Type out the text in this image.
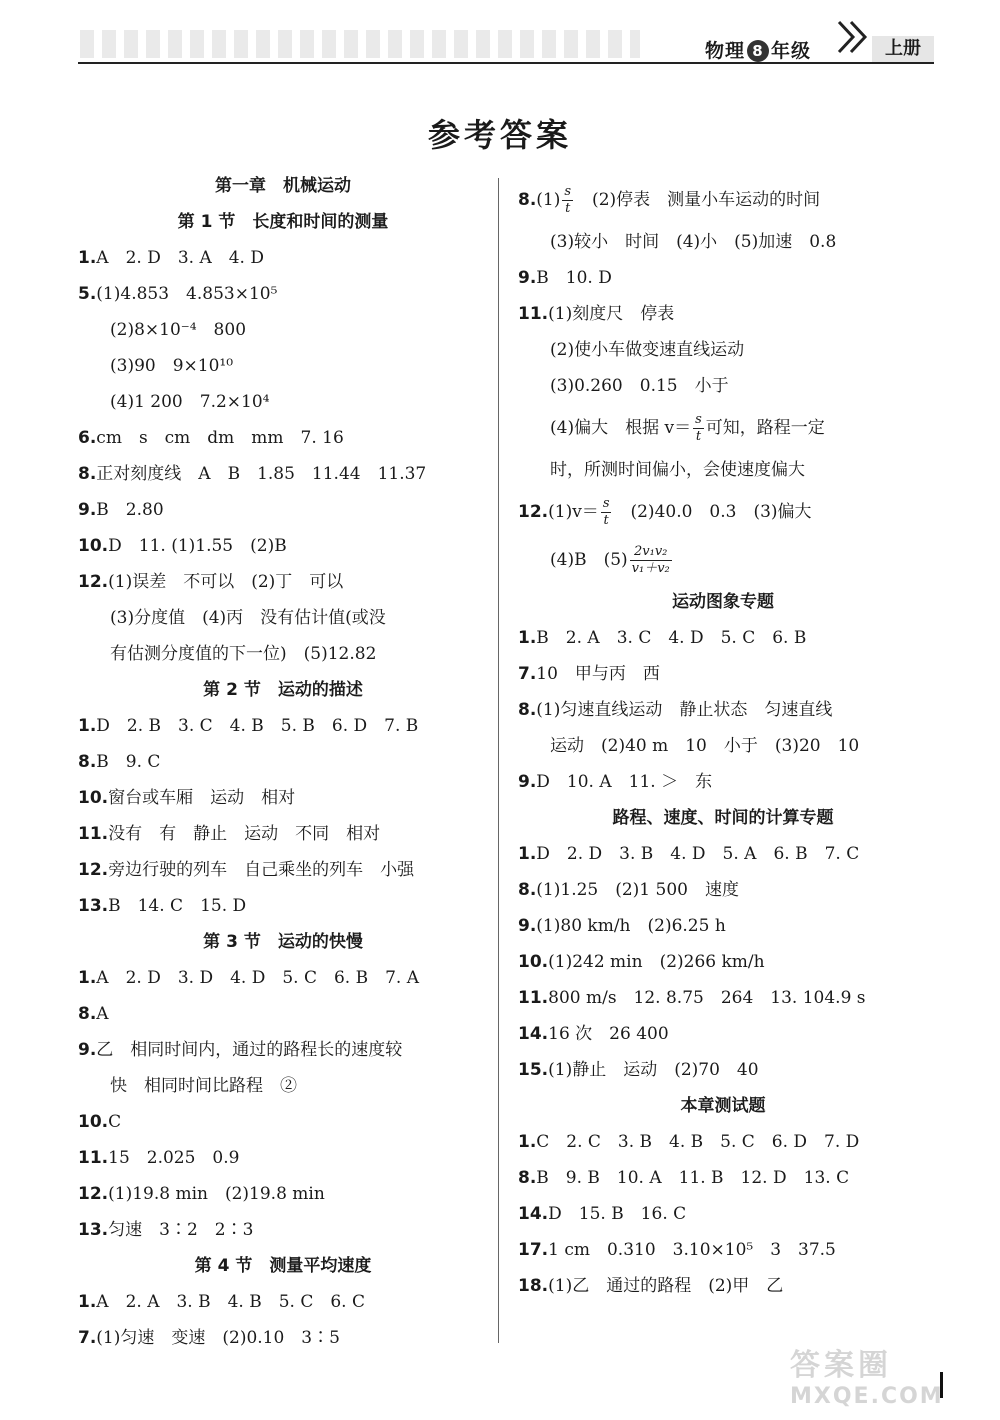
物理 8 年级	上册
参考答案
第一章　机械运动
第 1 节　长度和时间的测量
1.A　2. D　3. A　4. D
5.(1)4.853　4.853×10⁵
(2)8×10⁻⁴　800
(3)90　9×10¹⁰
(4)1 200　7.2×10⁴
6.cm　s　cm　dm　mm　7. 16
8.正对刻度线　A　B　1.85　11.44　11.37
9.B　2.80
10.D　11. (1)1.55　(2)B
12.(1)误差　不可以　(2)丁　可以
(3)分度值　(4)丙　没有估计值(或没
有估测分度值的下一位)　(5)12.82
第 2 节　运动的描述
1.D　2. B　3. C　4. B　5. B　6. D　7. B
8.B　9. C
10.窗台或车厢　运动　相对
11.没有　有　静止　运动　不同　相对
12.旁边行驶的列车　自己乘坐的列车　小强
13.B　14. C　15. D
第 3 节　运动的快慢
1.A　2. D　3. D　4. D　5. C　6. B　7. A
8.A
9.乙　相同时间内，通过的路程长的速度较
快　相同时间比路程　②
10.C
11.15　2.025　0.9
12.(1)19.8 min　(2)19.8 min
13.匀速　3∶2　2∶3
第 4 节　测量平均速度
1.A　2. A　3. B　4. B　5. C　6. C
7.(1)匀速　变速　(2)0.10　3∶5
$8.(1) \frac{s}{t}$ 　(2)停表　测量小车运动的时间
(3)较小　时间　(4)小　(5)加速　0.8
9.B　10. D
11.(1)刻度尺　停表
(2)使小车做变速直线运动
(3)0.260　0.15　小于
(4)偏大　根据 $v= \frac{s}{t}$ 可知，路程一定
时，所测时间偏小，会使速度偏大
$12.(1)v= \frac{s}{t}$ 　(2)40.0　0.3　(3)偏大
(4)B　$(5) \frac{\text{2v₁v₂}}{\text{v₁＋v₂}}$
运动图象专题
1.B　2. A　3. C　4. D　5. C　6. B
7.10　甲与丙　西
8.(1)匀速直线运动　静止状态　匀速直线
运动　(2)40 m　10　小于　(3)20　10
9.D　10. A　11. ＞　东
路程、速度、时间的计算专题
1.D　2. D　3. B　4. D　5. A　6. B　7. C
8.(1)1.25　(2)1 500　速度
9.(1)80 km/h　(2)6.25 h
10.(1)242 min　(2)266 km/h
11.800 m/s　12. 8.75　264　13. 104.9 s
14.16 次　26 400
15.(1)静止　运动　(2)70　40
本章测试题
1.C　2. C　3. B　4. B　5. C　6. D　7. D
8.B　9. B　10. A　11. B　12. D　13. C
14.D　15. B　16. C
17.1 cm　0.310　3.10×10⁵　3　37.5
18.(1)乙　通过的路程　(2)甲　乙
答案圈
MXQE.COM
